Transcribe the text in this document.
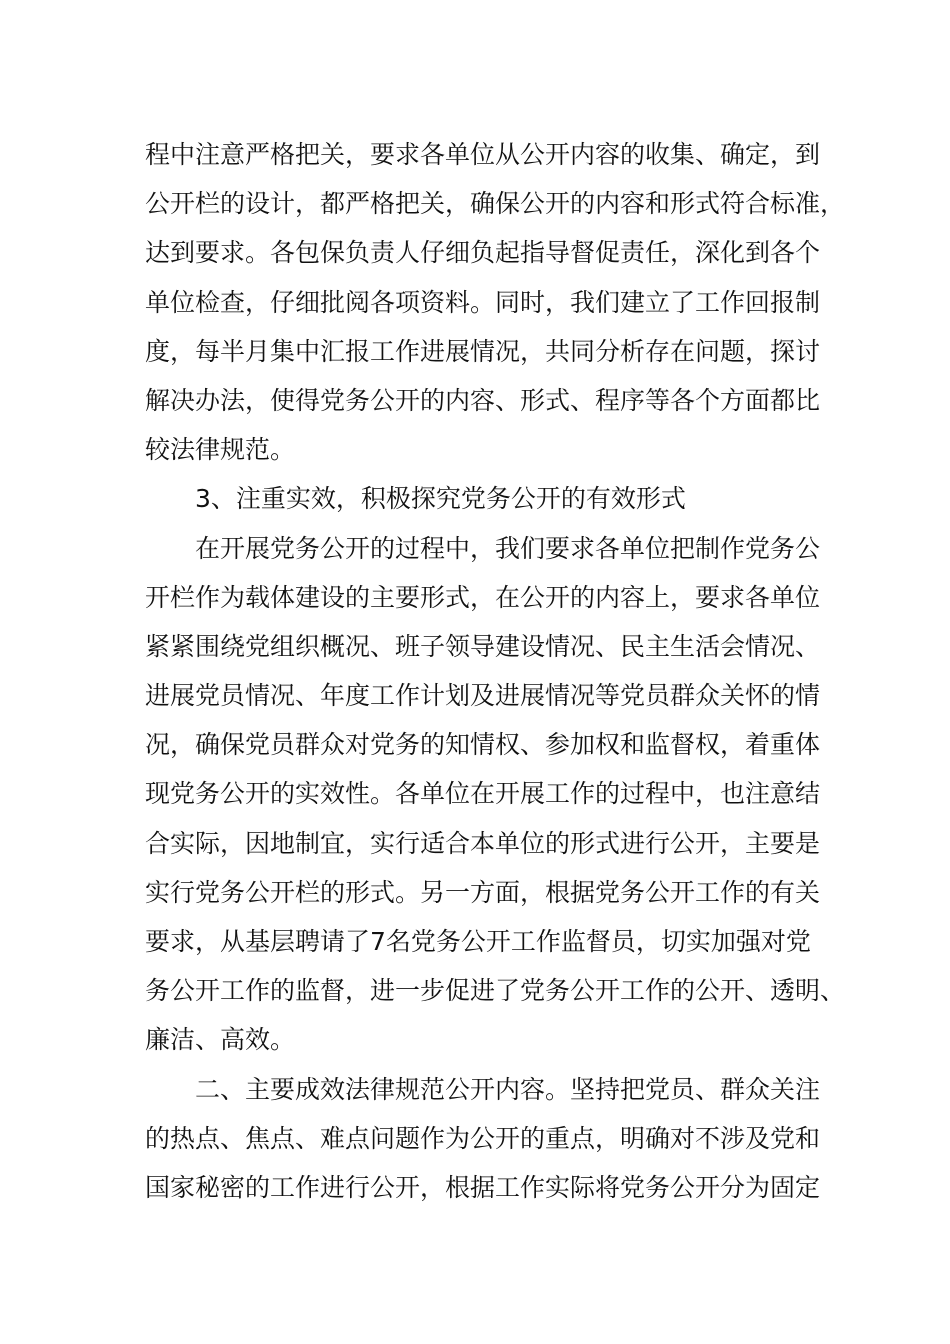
程中注意严格把关，要求各单位从公开内容的收集、确定，到
公开栏的设计，都严格把关，确保公开的内容和形式符合标准，
达到要求。各包保负责人仔细负起指导督促责任，深化到各个
单位检查，仔细批阅各项资料。同时，我们建立了工作回报制
度，每半月集中汇报工作进展情况，共同分析存在问题，探讨
解决办法，使得党务公开的内容、形式、程序等各个方面都比
较法律规范。
3、注重实效，积极探究党务公开的有效形式
在开展党务公开的过程中，我们要求各单位把制作党务公
开栏作为载体建设的主要形式，在公开的内容上，要求各单位
紧紧围绕党组织概况、班子领导建设情况、民主生活会情况、
进展党员情况、年度工作计划及进展情况等党员群众关怀的情
况，确保党员群众对党务的知情权、参加权和监督权，着重体
现党务公开的实效性。各单位在开展工作的过程中，也注意结
合实际，因地制宜，实行适合本单位的形式进行公开，主要是
实行党务公开栏的形式。另一方面，根据党务公开工作的有关
要求，从基层聘请了7名党务公开工作监督员，切实加强对党
务公开工作的监督，进一步促进了党务公开工作的公开、透明、
廉洁、高效。
二、主要成效法律规范公开内容。坚持把党员、群众关注
的热点、焦点、难点问题作为公开的重点，明确对不涉及党和
国家秘密的工作进行公开，根据工作实际将党务公开分为固定
